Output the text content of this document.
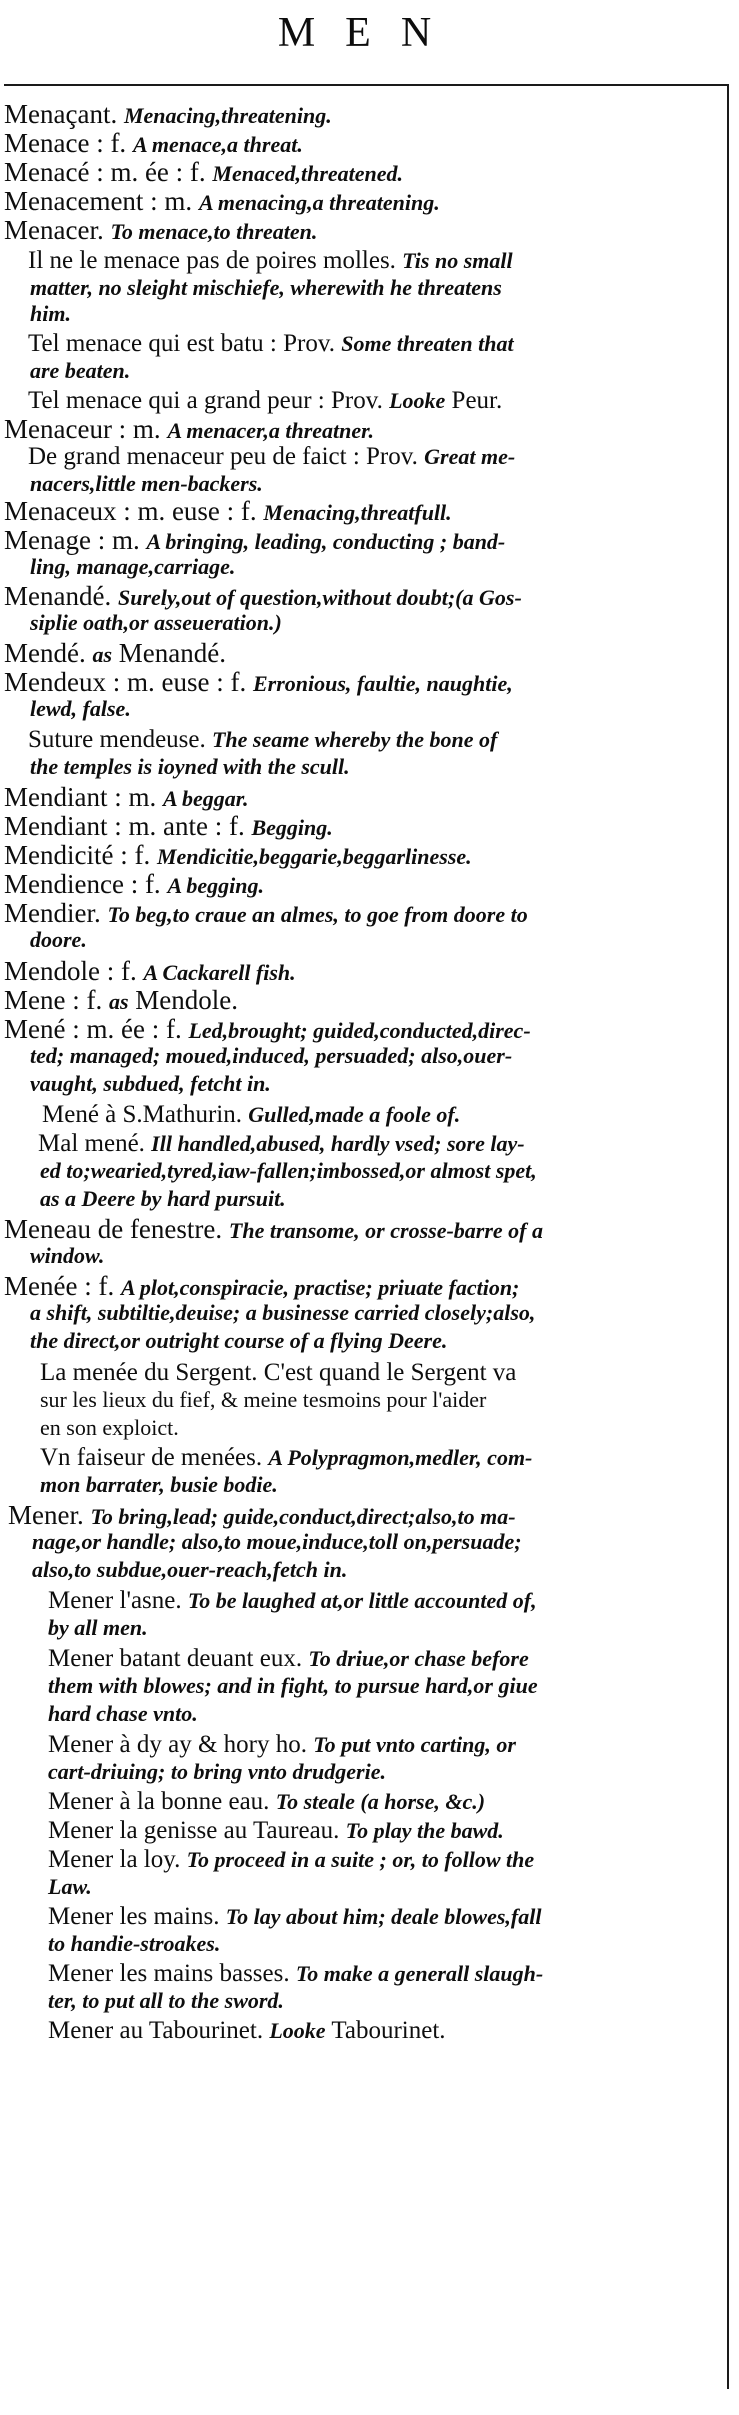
MEN
Menaçant. Menacing,threatening.
Menace : f. A menace,a threat.
Menacé : m. ée : f. Menaced,threatened.
Menacement : m. A menacing,a threatening.
Menacer. To menace,to threaten.
Il ne le menace pas de poires molles. Tis no small
matter, no sleight mischiefe, wherewith he threatens
him.
Tel menace qui est batu : Prov. Some threaten that
are beaten.
Tel menace qui a grand peur : Prov. Looke Peur.
Menaceur : m. A menacer,a threatner.
De grand menaceur peu de faict : Prov. Great me-
nacers,little men-backers.
Menaceux : m. euse : f. Menacing,threatfull.
Menage : m. A bringing, leading, conducting ; band-
ling, manage,carriage.
Menandé. Surely,out of question,without doubt;(a Gos-
siplie oath,or asseueration.)
Mendé. as Menandé.
Mendeux : m. euse : f. Erronious, faultie, naughtie,
lewd, false.
Suture mendeuse. The seame whereby the bone of
the temples is ioyned with the scull.
Mendiant : m. A beggar.
Mendiant : m. ante : f. Begging.
Mendicité : f. Mendicitie,beggarie,beggarlinesse.
Mendience : f. A begging.
Mendier. To beg,to craue an almes, to goe from doore to
doore.
Mendole : f. A Cackarell fish.
Mene : f. as Mendole.
Mené : m. ée : f. Led,brought; guided,conducted,direc-
ted; managed; moued,induced, persuaded; also,ouer-
vaught, subdued, fetcht in.
Mené à S.Mathurin. Gulled,made a foole of.
Mal mené. Ill handled,abused, hardly vsed; sore lay-
ed to;wearied,tyred,iaw-fallen;imbossed,or almost spet,
as a Deere by hard pursuit.
Meneau de fenestre. The transome, or crosse-barre of a
window.
Menée : f. A plot,conspiracie, practise; priuate faction;
a shift, subtiltie,deuise; a businesse carried closely;also,
the direct,or outright course of a flying Deere.
La menée du Sergent. C'est quand le Sergent va
sur les lieux du fief, & meine tesmoins pour l'aider
en son exploict.
Vn faiseur de menées. A Polypragmon,medler, com-
mon barrater, busie bodie.
Mener. To bring,lead; guide,conduct,direct;also,to ma-
nage,or handle; also,to moue,induce,toll on,persuade;
also,to subdue,ouer-reach,fetch in.
Mener l'asne. To be laughed at,or little accounted of,
by all men.
Mener batant deuant eux. To driue,or chase before
them with blowes; and in fight, to pursue hard,or giue
hard chase vnto.
Mener à dy ay & hory ho. To put vnto carting, or
cart-driuing; to bring vnto drudgerie.
Mener à la bonne eau. To steale (a horse, &c.)
Mener la genisse au Taureau. To play the bawd.
Mener la loy. To proceed in a suite ; or, to follow the
Law.
Mener les mains. To lay about him; deale blowes,fall
to handie-stroakes.
Mener les mains basses. To make a generall slaugh-
ter, to put all to the sword.
Mener au Tabourinet. Looke Tabourinet.
